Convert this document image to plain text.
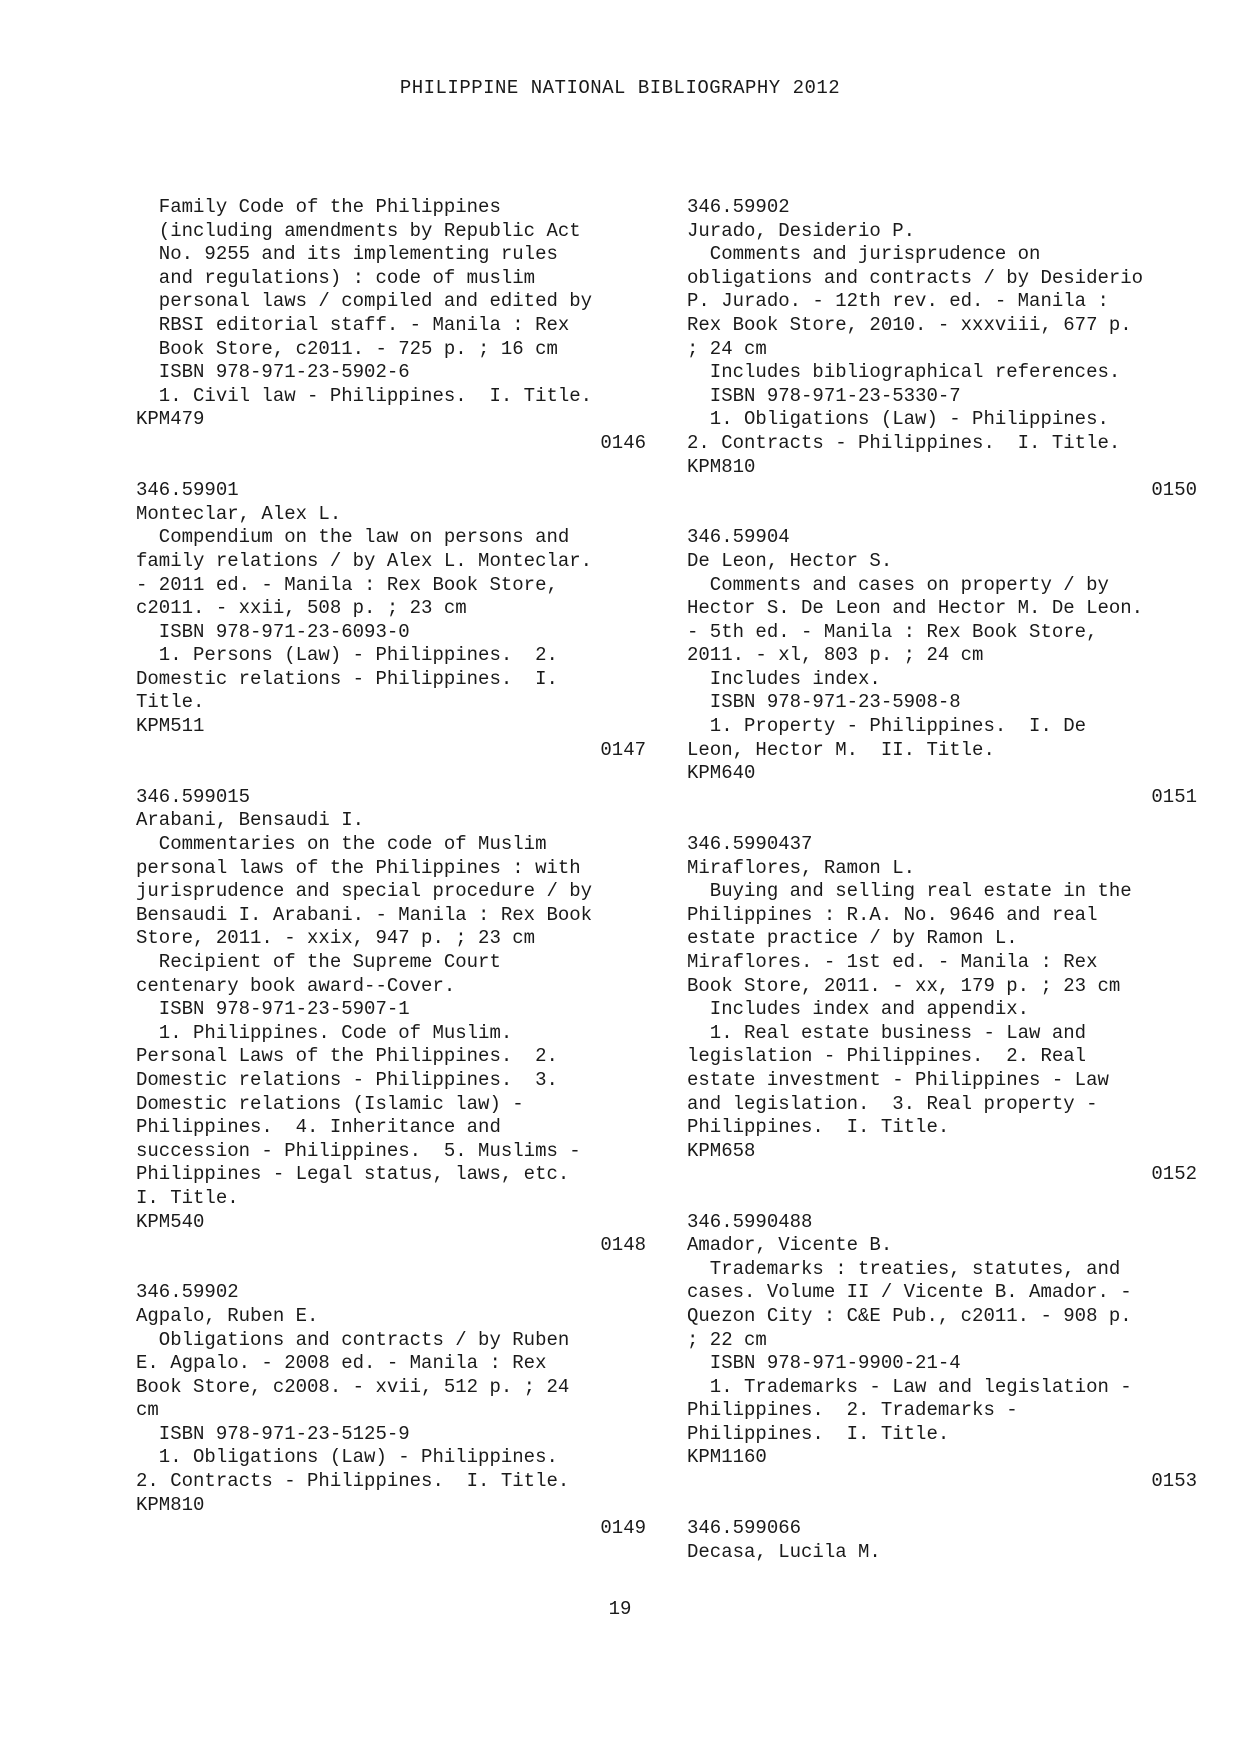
PHILIPPINE NATIONAL BIBLIOGRAPHY 2012
Family Code of the Philippines
(including amendments by Republic Act
No. 9255 and its implementing rules
and regulations) : code of muslim
personal laws / compiled and edited by
RBSI editorial staff. - Manila : Rex
Book Store, c2011. - 725 p. ; 16 cm
ISBN 978-971-23-5902-6
1. Civil law - Philippines.  I. Title.
KPM479
0146
346.59901
Monteclar, Alex L.
Compendium on the law on persons and
family relations / by Alex L. Monteclar.
- 2011 ed. - Manila : Rex Book Store,
c2011. - xxii, 508 p. ; 23 cm
ISBN 978-971-23-6093-0
1. Persons (Law) - Philippines.  2.
Domestic relations - Philippines.  I.
Title.
KPM511
0147
346.599015
Arabani, Bensaudi I.
Commentaries on the code of Muslim
personal laws of the Philippines : with
jurisprudence and special procedure / by
Bensaudi I. Arabani. - Manila : Rex Book
Store, 2011. - xxix, 947 p. ; 23 cm
Recipient of the Supreme Court
centenary book award--Cover.
ISBN 978-971-23-5907-1
1. Philippines. Code of Muslim.
Personal Laws of the Philippines.  2.
Domestic relations - Philippines.  3.
Domestic relations (Islamic law) -
Philippines.  4. Inheritance and
succession - Philippines.  5. Muslims -
Philippines - Legal status, laws, etc.
I. Title.
KPM540
0148
346.59902
Agpalo, Ruben E.
Obligations and contracts / by Ruben
E. Agpalo. - 2008 ed. - Manila : Rex
Book Store, c2008. - xvii, 512 p. ; 24
cm
ISBN 978-971-23-5125-9
1. Obligations (Law) - Philippines.
2. Contracts - Philippines.  I. Title.
KPM810
0149
346.59902
Jurado, Desiderio P.
Comments and jurisprudence on
obligations and contracts / by Desiderio
P. Jurado. - 12th rev. ed. - Manila :
Rex Book Store, 2010. - xxxviii, 677 p.
; 24 cm
Includes bibliographical references.
ISBN 978-971-23-5330-7
1. Obligations (Law) - Philippines.
2. Contracts - Philippines.  I. Title.
KPM810
0150
346.59904
De Leon, Hector S.
Comments and cases on property / by
Hector S. De Leon and Hector M. De Leon.
- 5th ed. - Manila : Rex Book Store,
2011. - xl, 803 p. ; 24 cm
Includes index.
ISBN 978-971-23-5908-8
1. Property - Philippines.  I. De
Leon, Hector M.  II. Title.
KPM640
0151
346.5990437
Miraflores, Ramon L.
Buying and selling real estate in the
Philippines : R.A. No. 9646 and real
estate practice / by Ramon L.
Miraflores. - 1st ed. - Manila : Rex
Book Store, 2011. - xx, 179 p. ; 23 cm
Includes index and appendix.
1. Real estate business - Law and
legislation - Philippines.  2. Real
estate investment - Philippines - Law
and legislation.  3. Real property -
Philippines.  I. Title.
KPM658
0152
346.5990488
Amador, Vicente B.
Trademarks : treaties, statutes, and
cases. Volume II / Vicente B. Amador. -
Quezon City : C&E Pub., c2011. - 908 p.
; 22 cm
ISBN 978-971-9900-21-4
1. Trademarks - Law and legislation -
Philippines.  2. Trademarks -
Philippines.  I. Title.
KPM1160
0153
346.599066
Decasa, Lucila M.
19
